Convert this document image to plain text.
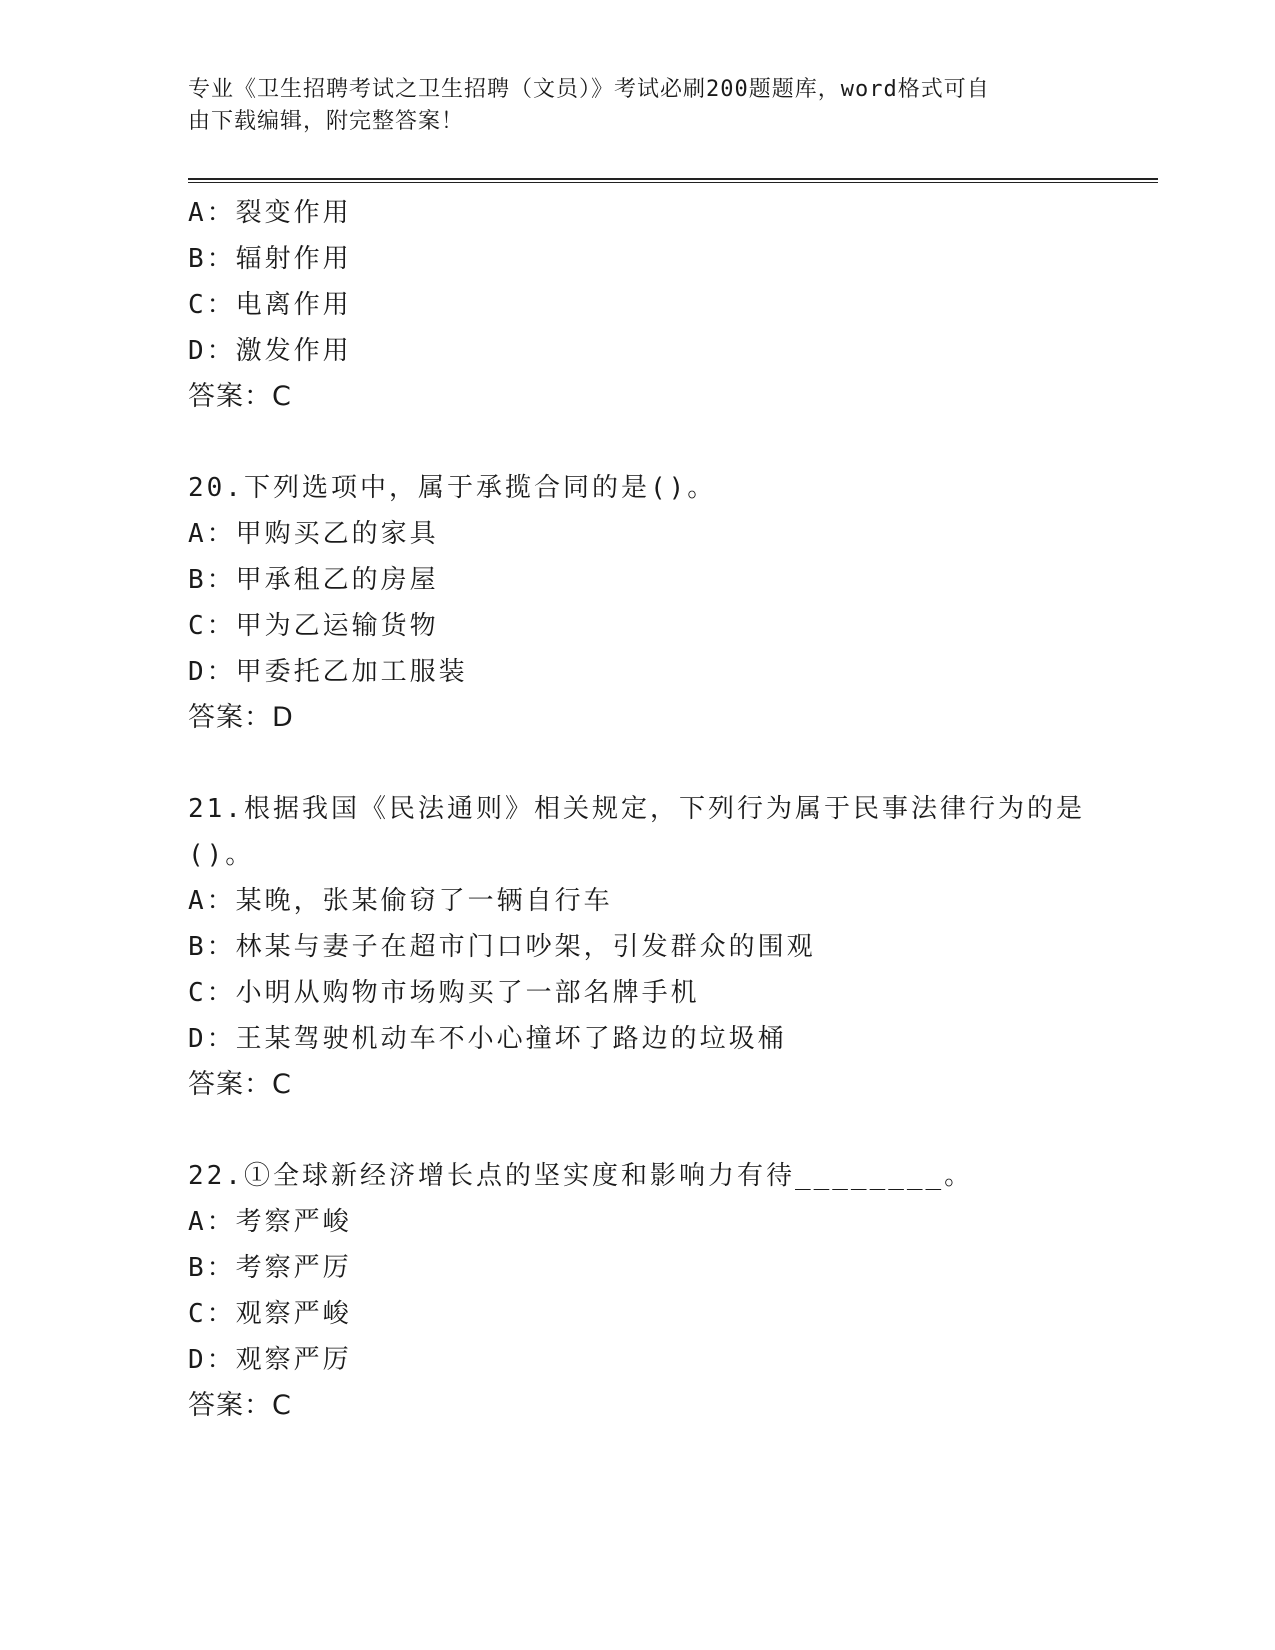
专业《卫生招聘考试之卫生招聘（文员）》考试必刷200题题库，word格式可自
由下载编辑，附完整答案！
A：裂变作用
B：辐射作用
C：电离作用
D：激发作用
答案：C
20.下列选项中，属于承揽合同的是()。
A：甲购买乙的家具
B：甲承租乙的房屋
C：甲为乙运输货物
D：甲委托乙加工服装
答案：D
21.根据我国《民法通则》相关规定，下列行为属于民事法律行为的是
()。
A：某晚，张某偷窃了一辆自行车
B：林某与妻子在超市门口吵架，引发群众的围观
C：小明从购物市场购买了一部名牌手机
D：王某驾驶机动车不小心撞坏了路边的垃圾桶
答案：C
22.①全球新经济增长点的坚实度和影响力有待________。
A：考察严峻
B：考察严厉
C：观察严峻
D：观察严厉
答案：C
